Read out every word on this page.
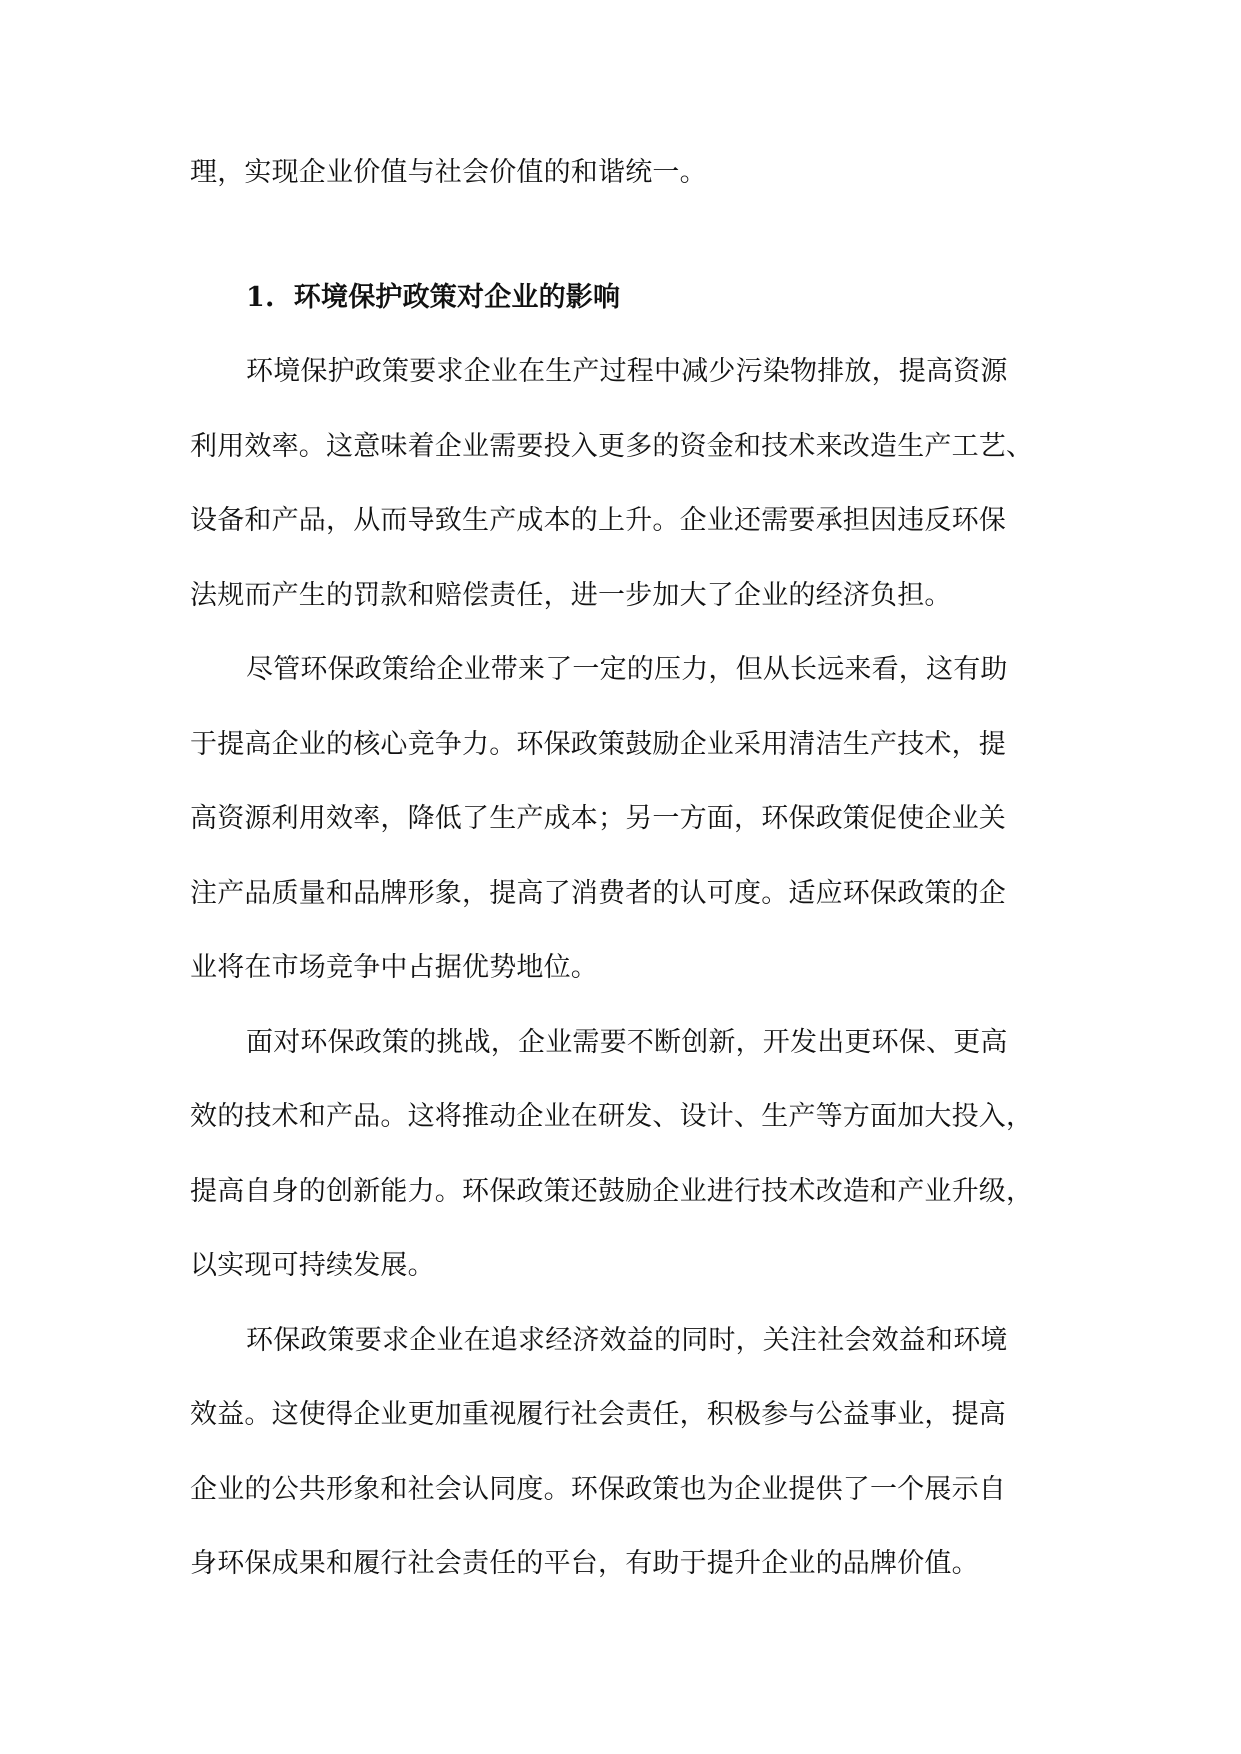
理，实现企业价值与社会价值的和谐统一。
1. 环境保护政策对企业的影响
环境保护政策要求企业在生产过程中减少污染物排放，提高资源
利用效率。这意味着企业需要投入更多的资金和技术来改造生产工艺、
设备和产品，从而导致生产成本的上升。企业还需要承担因违反环保
法规而产生的罚款和赔偿责任，进一步加大了企业的经济负担。
尽管环保政策给企业带来了一定的压力，但从长远来看，这有助
于提高企业的核心竞争力。环保政策鼓励企业采用清洁生产技术，提
高资源利用效率，降低了生产成本；另一方面，环保政策促使企业关
注产品质量和品牌形象，提高了消费者的认可度。适应环保政策的企
业将在市场竞争中占据优势地位。
面对环保政策的挑战，企业需要不断创新，开发出更环保、更高
效的技术和产品。这将推动企业在研发、设计、生产等方面加大投入，
提高自身的创新能力。环保政策还鼓励企业进行技术改造和产业升级，
以实现可持续发展。
环保政策要求企业在追求经济效益的同时，关注社会效益和环境
效益。这使得企业更加重视履行社会责任，积极参与公益事业，提高
企业的公共形象和社会认同度。环保政策也为企业提供了一个展示自
身环保成果和履行社会责任的平台，有助于提升企业的品牌价值。
